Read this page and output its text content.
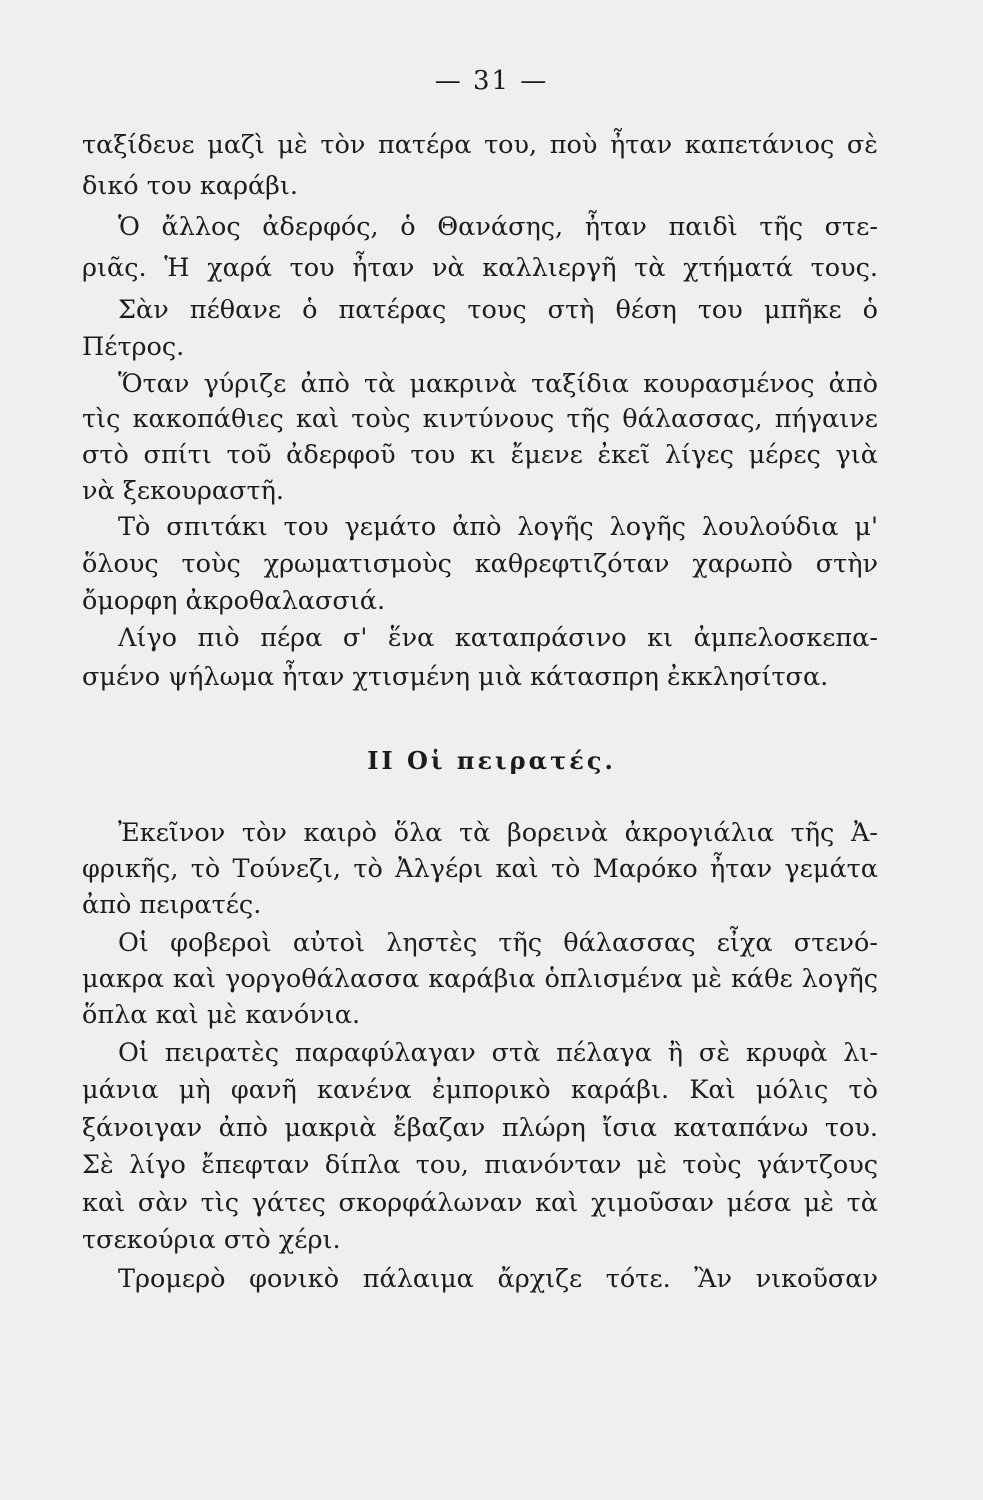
— 31 —
ταξίδευε μαζὶ μὲ τὸν πατέρα του, ποὺ ἦταν καπετάνιος σὲ
δικό του καράβι.
Ὁ ἄλλος ἀδερφός, ὁ Θανάσης, ἦταν παιδὶ τῆς στε-
ριᾶς. Ἡ χαρά του ἦταν νὰ καλλιεργῆ τὰ χτήματά τους.
Σὰν πέθανε ὁ πατέρας τους στὴ θέση του μπῆκε ὁ
Πέτρος.
Ὅταν γύριζε ἀπὸ τὰ μακρινὰ ταξίδια κουρασμένος ἀπὸ
τὶς κακοπάθιες καὶ τοὺς κιντύνους τῆς θάλασσας, πήγαινε
στὸ σπίτι τοῦ ἀδερφοῦ του κι ἔμενε ἐκεῖ λίγες μέρες γιὰ
νὰ ξεκουραστῆ.
Τὸ σπιτάκι του γεμάτο ἀπὸ λογῆς λογῆς λουλούδια μ'
ὅλους τοὺς χρωματισμοὺς καθρεφτιζόταν χαρωπὸ στὴν
ὄμορφη ἀκροθαλασσιά.
Λίγο πιὸ πέρα σ' ἕνα καταπράσινο κι ἀμπελοσκεπα-
σμένο ψήλωμα ἦταν χτισμένη μιὰ κάτασπρη ἐκκλησίτσα.
II Οἱ πειρατές.
Ἐκεῖνον τὸν καιρὸ ὅλα τὰ βορεινὰ ἀκρογιάλια τῆς Ἀ-
φρικῆς, τὸ Τούνεζι, τὸ Ἀλγέρι καὶ τὸ Μαρόκο ἦταν γεμάτα
ἀπὸ πειρατές.
Οἱ φοβεροὶ αὐτοὶ ληστὲς τῆς θάλασσας εἶχα στενό-
μακρα καὶ γοργοθάλασσα καράβια ὁπλισμένα μὲ κάθε λογῆς
ὅπλα καὶ μὲ κανόνια.
Οἱ πειρατὲς παραφύλαγαν στὰ πέλαγα ἢ σὲ κρυφὰ λι-
μάνια μὴ φανῆ κανένα ἐμπορικὸ καράβι. Καὶ μόλις τὸ
ξάνοιγαν ἀπὸ μακριὰ ἔβαζαν πλώρη ἴσια καταπάνω του.
Σὲ λίγο ἔπεφταν δίπλα του, πιανόνταν μὲ τοὺς γάντζους
καὶ σὰν τὶς γάτες σκορφάλωναν καὶ χιμοῦσαν μέσα μὲ τὰ
τσεκούρια στὸ χέρι.
Τρομερὸ φονικὸ πάλαιμα ἄρχιζε τότε. Ἂν νικοῦσαν
